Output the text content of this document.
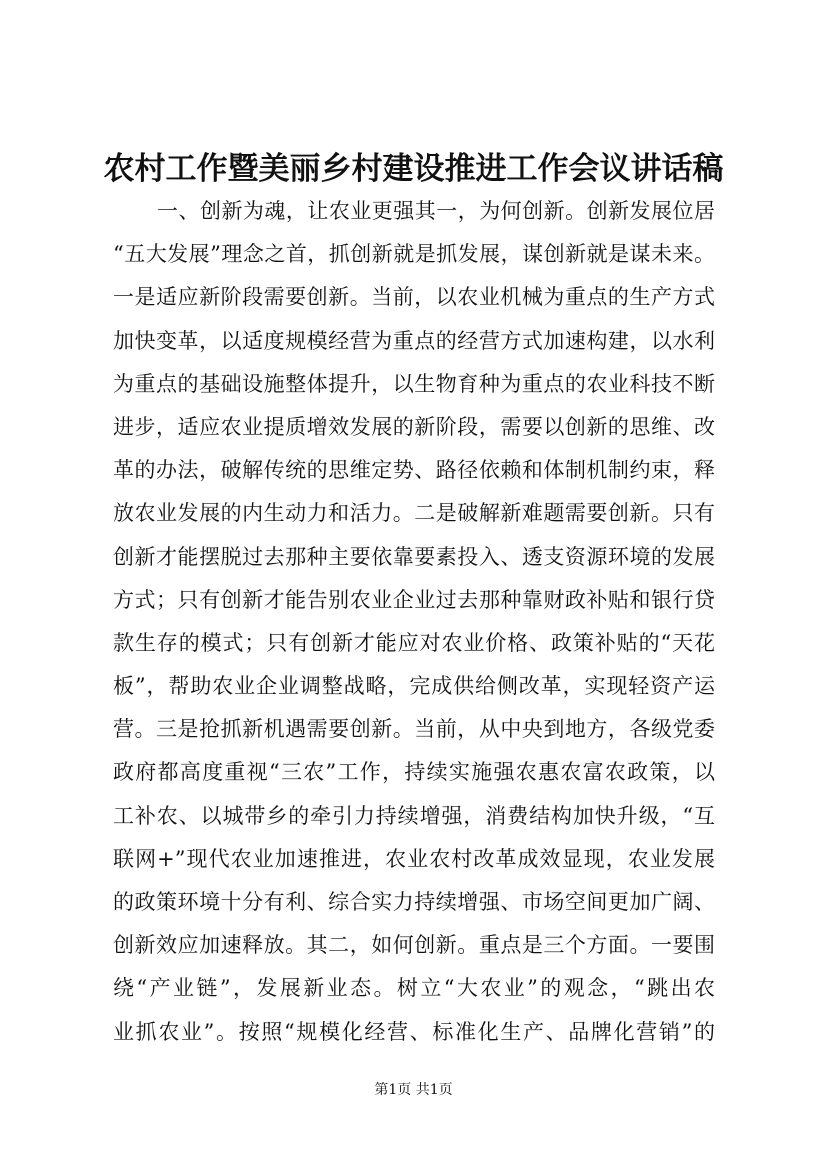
农村工作暨美丽乡村建设推进工作会议讲话稿
一、创新为魂，让农业更强其一，为何创新。创新发展位居
“五大发展”理念之首，抓创新就是抓发展，谋创新就是谋未来。
一是适应新阶段需要创新。当前，以农业机械为重点的生产方式
加快变革，以适度规模经营为重点的经营方式加速构建，以水利
为重点的基础设施整体提升，以生物育种为重点的农业科技不断
进步，适应农业提质增效发展的新阶段，需要以创新的思维、改
革的办法，破解传统的思维定势、路径依赖和体制机制约束，释
放农业发展的内生动力和活力。二是破解新难题需要创新。只有
创新才能摆脱过去那种主要依靠要素投入、透支资源环境的发展
方式；只有创新才能告别农业企业过去那种靠财政补贴和银行贷
款生存的模式；只有创新才能应对农业价格、政策补贴的“天花
板”，帮助农业企业调整战略，完成供给侧改革，实现轻资产运
营。三是抢抓新机遇需要创新。当前，从中央到地方，各级党委
政府都高度重视“三农”工作，持续实施强农惠农富农政策，以
工补农、以城带乡的牵引力持续增强，消费结构加快升级，“互
联网+”现代农业加速推进，农业农村改革成效显现，农业发展
的政策环境十分有利、综合实力持续增强、市场空间更加广阔、
创新效应加速释放。其二，如何创新。重点是三个方面。一要围
绕“产业链”，发展新业态。树立“大农业”的观念，“跳出农
业抓农业”。按照“规模化经营、标准化生产、品牌化营销”的
第1页 共1页
